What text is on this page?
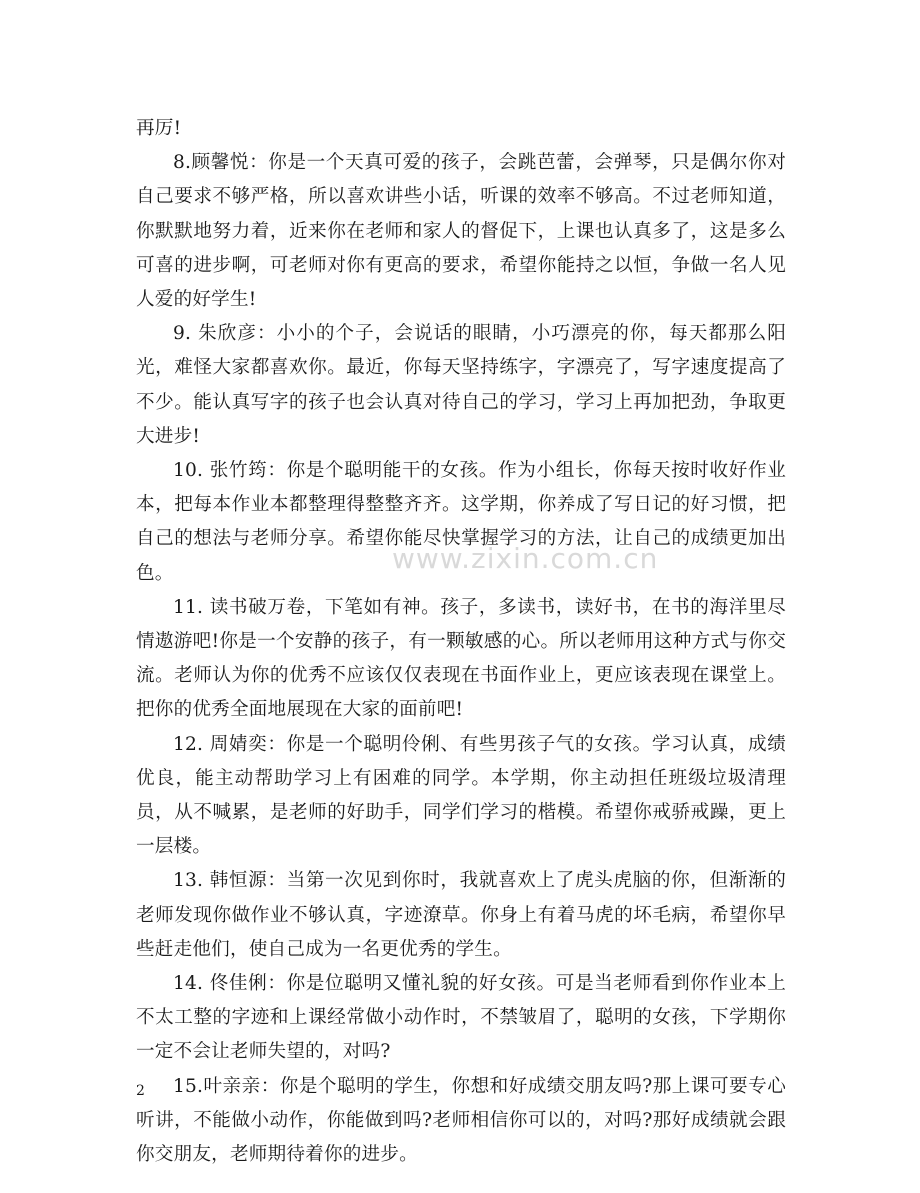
www.zixin.com.cn

再厉!

8.顾馨悦：你是一个天真可爱的孩子，会跳芭蕾，会弹琴，只是偶尔你对自己要求不够严格，所以喜欢讲些小话，听课的效率不够高。不过老师知道，你默默地努力着，近来你在老师和家人的督促下，上课也认真多了，这是多么可喜的进步啊，可老师对你有更高的要求，希望你能持之以恒，争做一名人见人爱的好学生!

9. 朱欣彦：小小的个子，会说话的眼睛，小巧漂亮的你，每天都那么阳光，难怪大家都喜欢你。最近，你每天坚持练字，字漂亮了，写字速度提高了不少。能认真写字的孩子也会认真对待自己的学习，学习上再加把劲，争取更大进步!

10. 张竹筠：你是个聪明能干的女孩。作为小组长，你每天按时收好作业本，把每本作业本都整理得整整齐齐。这学期，你养成了写日记的好习惯，把自己的想法与老师分享。希望你能尽快掌握学习的方法，让自己的成绩更加出色。

11. 读书破万卷，下笔如有神。孩子，多读书，读好书，在书的海洋里尽情遨游吧!你是一个安静的孩子，有一颗敏感的心。所以老师用这种方式与你交流。老师认为你的优秀不应该仅仅表现在书面作业上，更应该表现在课堂上。把你的优秀全面地展现在大家的面前吧!

12. 周婧奕：你是一个聪明伶俐、有些男孩子气的女孩。学习认真，成绩优良，能主动帮助学习上有困难的同学。本学期，你主动担任班级垃圾清理员，从不喊累，是老师的好助手，同学们学习的楷模。希望你戒骄戒躁，更上一层楼。

13. 韩恒源：当第一次见到你时，我就喜欢上了虎头虎脑的你，但渐渐的老师发现你做作业不够认真，字迹潦草。你身上有着马虎的坏毛病，希望你早些赶走他们，使自己成为一名更优秀的学生。

14. 佟佳俐：你是位聪明又懂礼貌的好女孩。可是当老师看到你作业本上不太工整的字迹和上课经常做小动作时，不禁皱眉了，聪明的女孩，下学期你一定不会让老师失望的，对吗?

15.叶亲亲：你是个聪明的学生，你想和好成绩交朋友吗?那上课可要专心听讲，不能做小动作，你能做到吗?老师相信你可以的，对吗?那好成绩就会跟你交朋友，老师期待着你的进步。

2
